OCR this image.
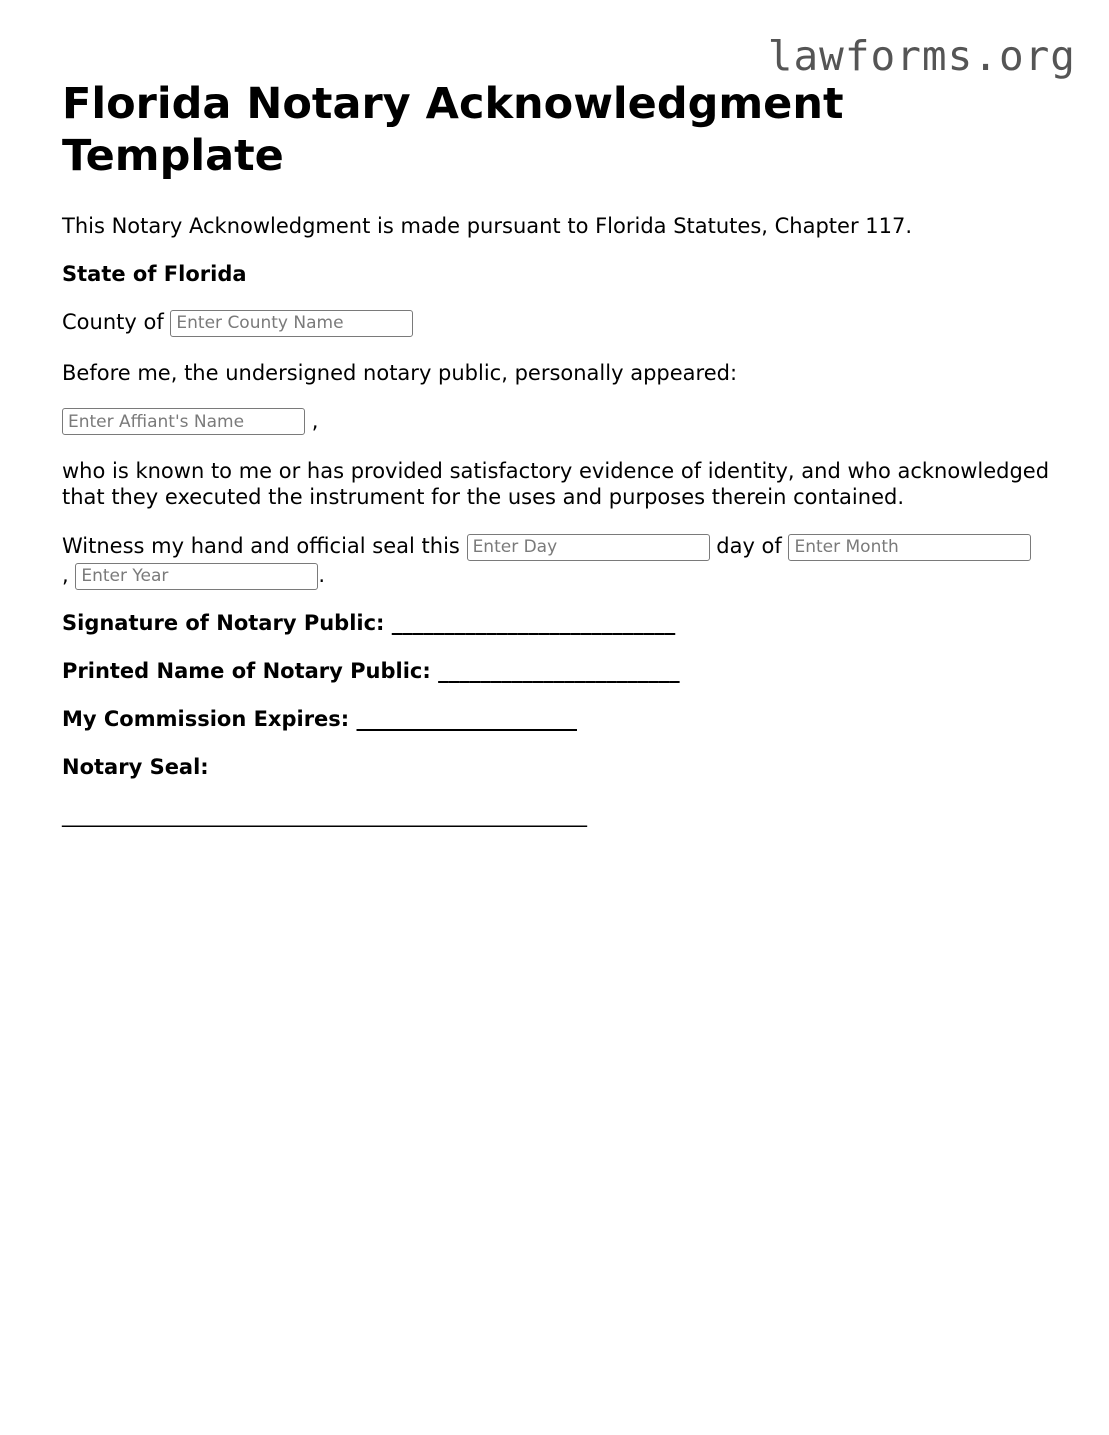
lawforms.org
Florida Notary Acknowledgment Template

This Notary Acknowledgment is made pursuant to Florida Statutes, Chapter 117.

State of Florida

County of Enter County Name

Before me, the undersigned notary public, personally appeared:

Enter Affiant's Name ,

who is known to me or has provided satisfactory evidence of identity, and who acknowledged that they executed the instrument for the uses and purposes therein contained.

Witness my hand and official seal this Enter Day	day of Enter Month
, Enter Year	.

Signature of Notary Public: ___________________________

Printed Name of Notary Public: _______________________

My Commission Expires: _____________________

Notary Seal:

__________________________________________________
